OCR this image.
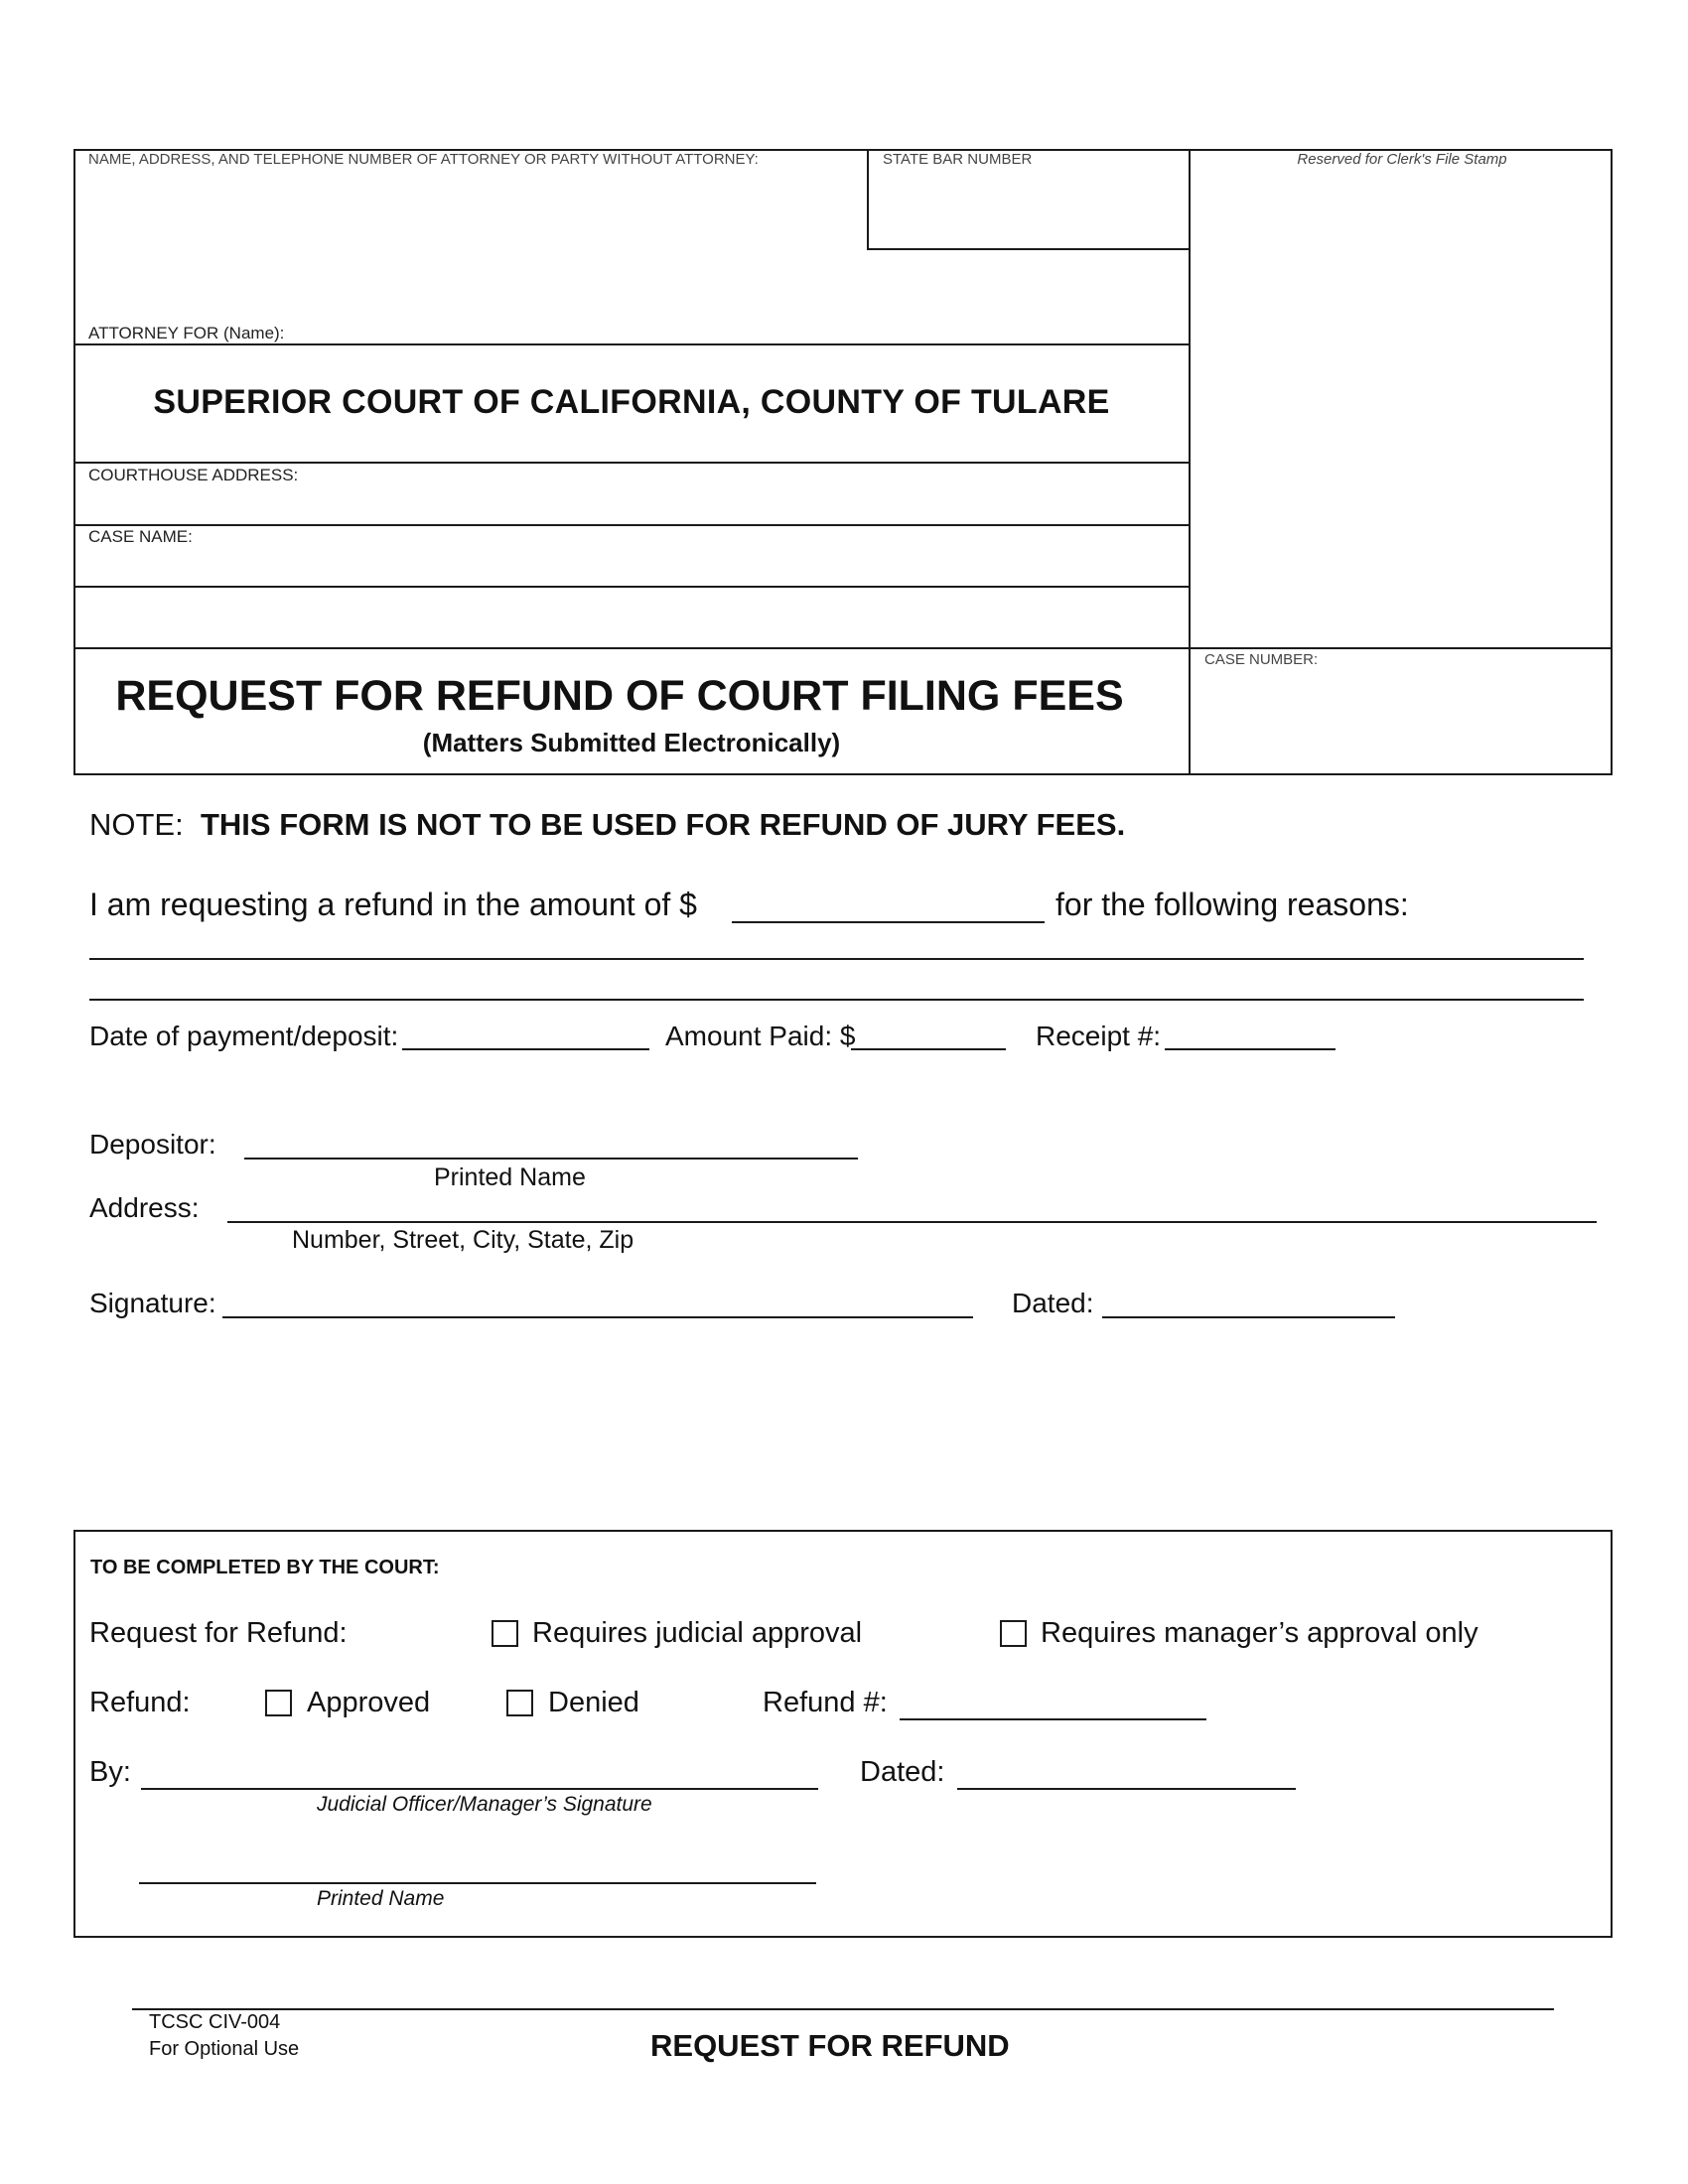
NAME, ADDRESS, AND TELEPHONE NUMBER OF ATTORNEY OR PARTY WITHOUT ATTORNEY:	STATE BAR NUMBER	Reserved for Clerk's File Stamp
ATTORNEY FOR (Name):
SUPERIOR COURT OF CALIFORNIA, COUNTY OF TULARE
COURTHOUSE ADDRESS:
CASE NAME:
CASE NUMBER:
REQUEST FOR REFUND OF COURT FILING FEES
(Matters Submitted Electronically)
NOTE: THIS FORM IS NOT TO BE USED FOR REFUND OF JURY FEES.
I am requesting a refund in the amount of $	for the following reasons:
Date of payment/deposit:	Amount Paid: $	Receipt #:
Depositor:
Printed Name
Address:
Number, Street, City, State, Zip
Signature:	Dated:
TO BE COMPLETED BY THE COURT:
Request for Refund:	Requires judicial approval	Requires manager’s approval only
Refund:	Approved	Denied	Refund #:
By:
Judicial Officer/Manager’s Signature
Dated:
Printed Name
TCSC CIV-004
For Optional Use	REQUEST FOR REFUND
